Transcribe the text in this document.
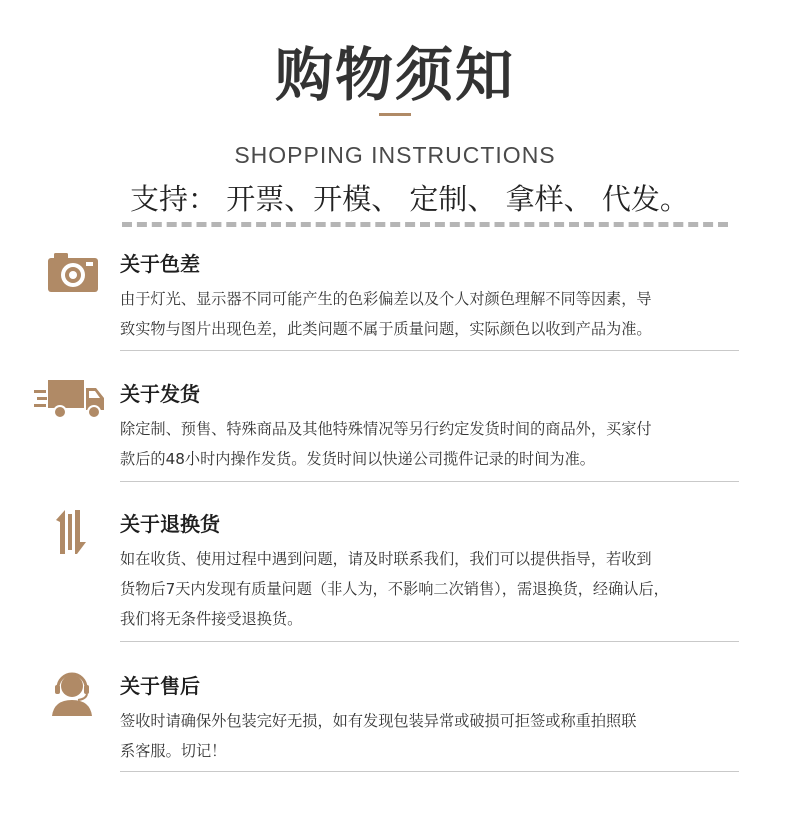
购物须知
SHOPPING INSTRUCTIONS
支持： 开票、开模、 定制、 拿样、 代发。
关于色差
由于灯光、显示器不同可能产生的色彩偏差以及个人对颜色理解不同等因素，导
致实物与图片出现色差，此类问题不属于质量问题，实际颜色以收到产品为准。
关于发货
除定制、预售、特殊商品及其他特殊情况等另行约定发货时间的商品外，买家付
款后的48小时内操作发货。发货时间以快递公司揽件记录的时间为准。
关于退换货
如在收货、使用过程中遇到问题，请及时联系我们，我们可以提供指导，若收到
货物后7天内发现有质量问题（非人为，不影响二次销售），需退换货，经确认后，
我们将无条件接受退换货。
关于售后
签收时请确保外包装完好无损，如有发现包装异常或破损可拒签或称重拍照联
系客服。切记！
